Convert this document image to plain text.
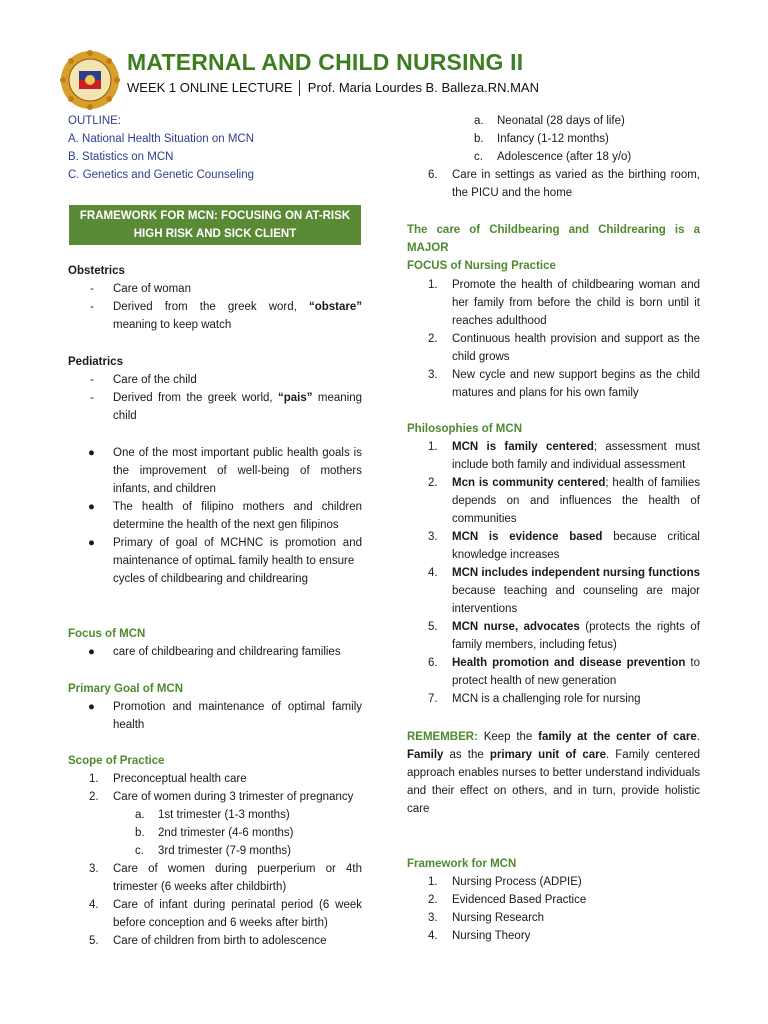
MATERNAL AND CHILD NURSING II
WEEK 1 ONLINE LECTURE │ Prof. Maria Lourdes B. Balleza.RN.MAN
OUTLINE:
A. National Health Situation on MCN
B. Statistics on MCN
C. Genetics and Genetic Counseling
FRAMEWORK FOR MCN: FOCUSING ON AT-RISK
HIGH RISK AND SICK CLIENT
Obstetrics
- Care of woman
- Derived from the greek word, “obstare”
meaning to keep watch
Pediatrics
- Care of the child
- Derived from the greek world, “pais” meaning
child
● One of the most important public health goals is
the improvement of well-being of mothers
infants, and children
● The health of filipino mothers and children
determine the health of the next gen filipinos
● Primary of goal of MCHNC is promotion and
maintenance of optimaL family health to ensure
cycles of childbearing and childrearing
Focus of MCN
● care of childbearing and childrearing families
Primary Goal of MCN
● Promotion and maintenance of optimal family
health
Scope of Practice
1. Preconceptual health care
2. Care of women during 3 trimester of pregnancy
a. 1st trimester (1-3 months)
b. 2nd trimester (4-6 months)
c. 3rd trimester (7-9 months)
3. Care of women during puerperium or 4th
trimester (6 weeks after childbirth)
4. Care of infant during perinatal period (6 week
before conception and 6 weeks after birth)
5. Care of children from birth to adolescence
a. Neonatal (28 days of life)
b. Infancy (1-12 months)
c. Adolescence (after 18 y/o)
6. Care in settings as varied as the birthing room,
the PICU and the home
The care of Childbearing and Childrearing is a MAJOR
FOCUS of Nursing Practice
1. Promote the health of childbearing woman and
her family from before the child is born until it
reaches adulthood
2. Continuous health provision and support as the
child grows
3. New cycle and new support begins as the child
matures and plans for his own family
Philosophies of MCN
1. MCN is family centered; assessment must
include both family and individual assessment
2. Mcn is community centered; health of families
depends on and influences the health of
communities
3. MCN is evidence based because critical
knowledge increases
4. MCN includes independent nursing functions
because teaching and counseling are major
interventions
5. MCN nurse, advocates (protects the rights of
family members, including fetus)
6. Health promotion and disease prevention to
protect health of new generation
7. MCN is a challenging role for nursing
REMEMBER: Keep the family at the center of care.
Family as the primary unit of care. Family centered
approach enables nurses to better understand individuals
and their effect on others, and in turn, provide holistic
care
Framework for MCN
1. Nursing Process (ADPIE)
2. Evidenced Based Practice
3. Nursing Research
4. Nursing Theory
